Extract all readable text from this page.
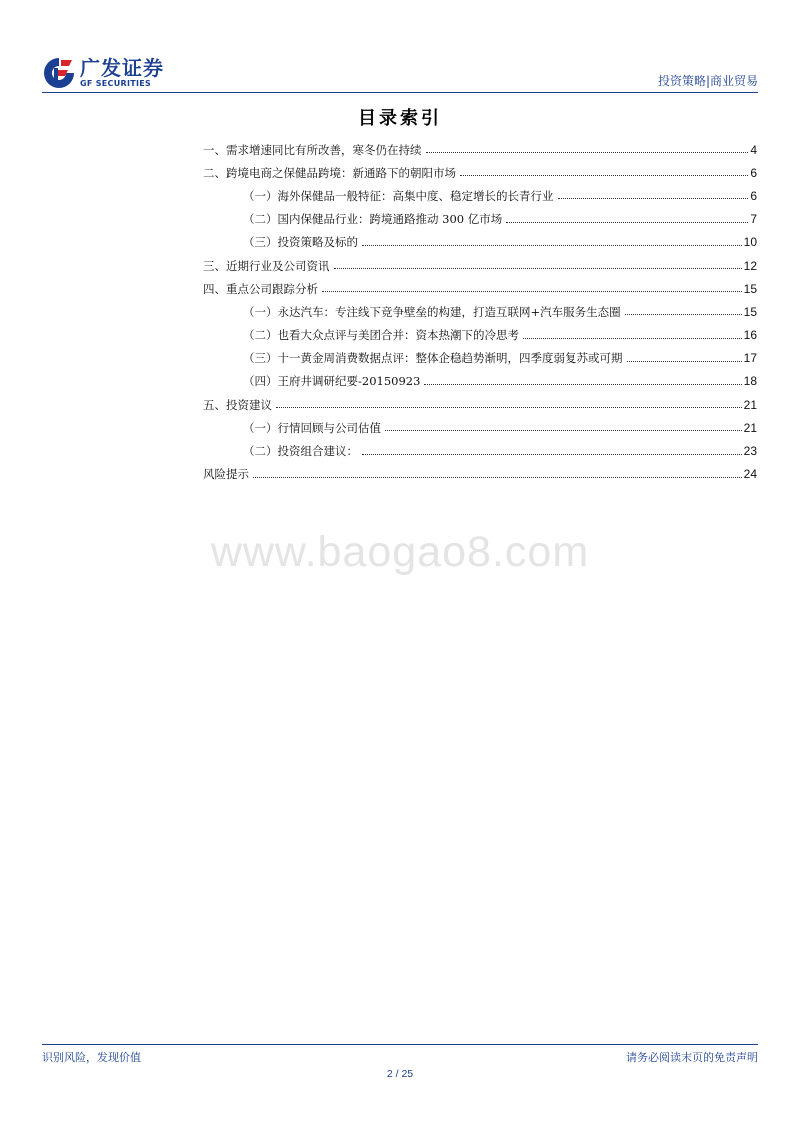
广发证券
GF SECURITIES	投资策略|商业贸易
目录索引
一、需求增速同比有所改善，寒冬仍在持续	4
二、跨境电商之保健品跨境：新通路下的朝阳市场	6
（一）海外保健品一般特征：高集中度、稳定增长的长青行业	6
（二）国内保健品行业：跨境通路推动 300 亿市场	7
（三）投资策略及标的	10
三、近期行业及公司资讯	12
四、重点公司跟踪分析	15
（一）永达汽车：专注线下竞争壁垒的构建，打造互联网+汽车服务生态圈	15
（二）也看大众点评与美团合并：资本热潮下的冷思考	16
（三）十一黄金周消费数据点评：整体企稳趋势渐明，四季度弱复苏或可期	17
（四）王府井调研纪要-20150923	18
五、投资建议	21
（一）行情回顾与公司估值	21
（二）投资组合建议：	23
风险提示	24
www.baogao8.com
识别风险，发现价值	请务必阅读末页的免责声明
2 / 25
